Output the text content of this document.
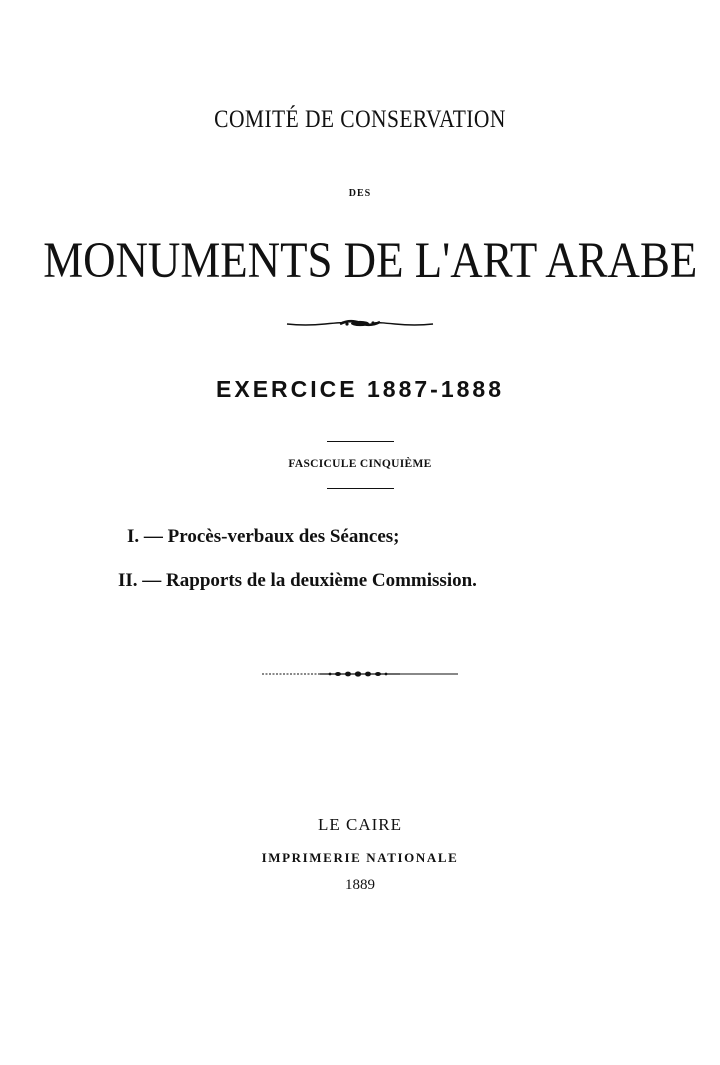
COMITÉ DE CONSERVATION
DES
MONUMENTS DE L'ART ARABE
EXERCICE 1887-1888
FASCICULE CINQUIÈME
I. — Procès-verbaux des Séances;
II. — Rapports de la deuxième Commission.
LE CAIRE
IMPRIMERIE NATIONALE
1889
